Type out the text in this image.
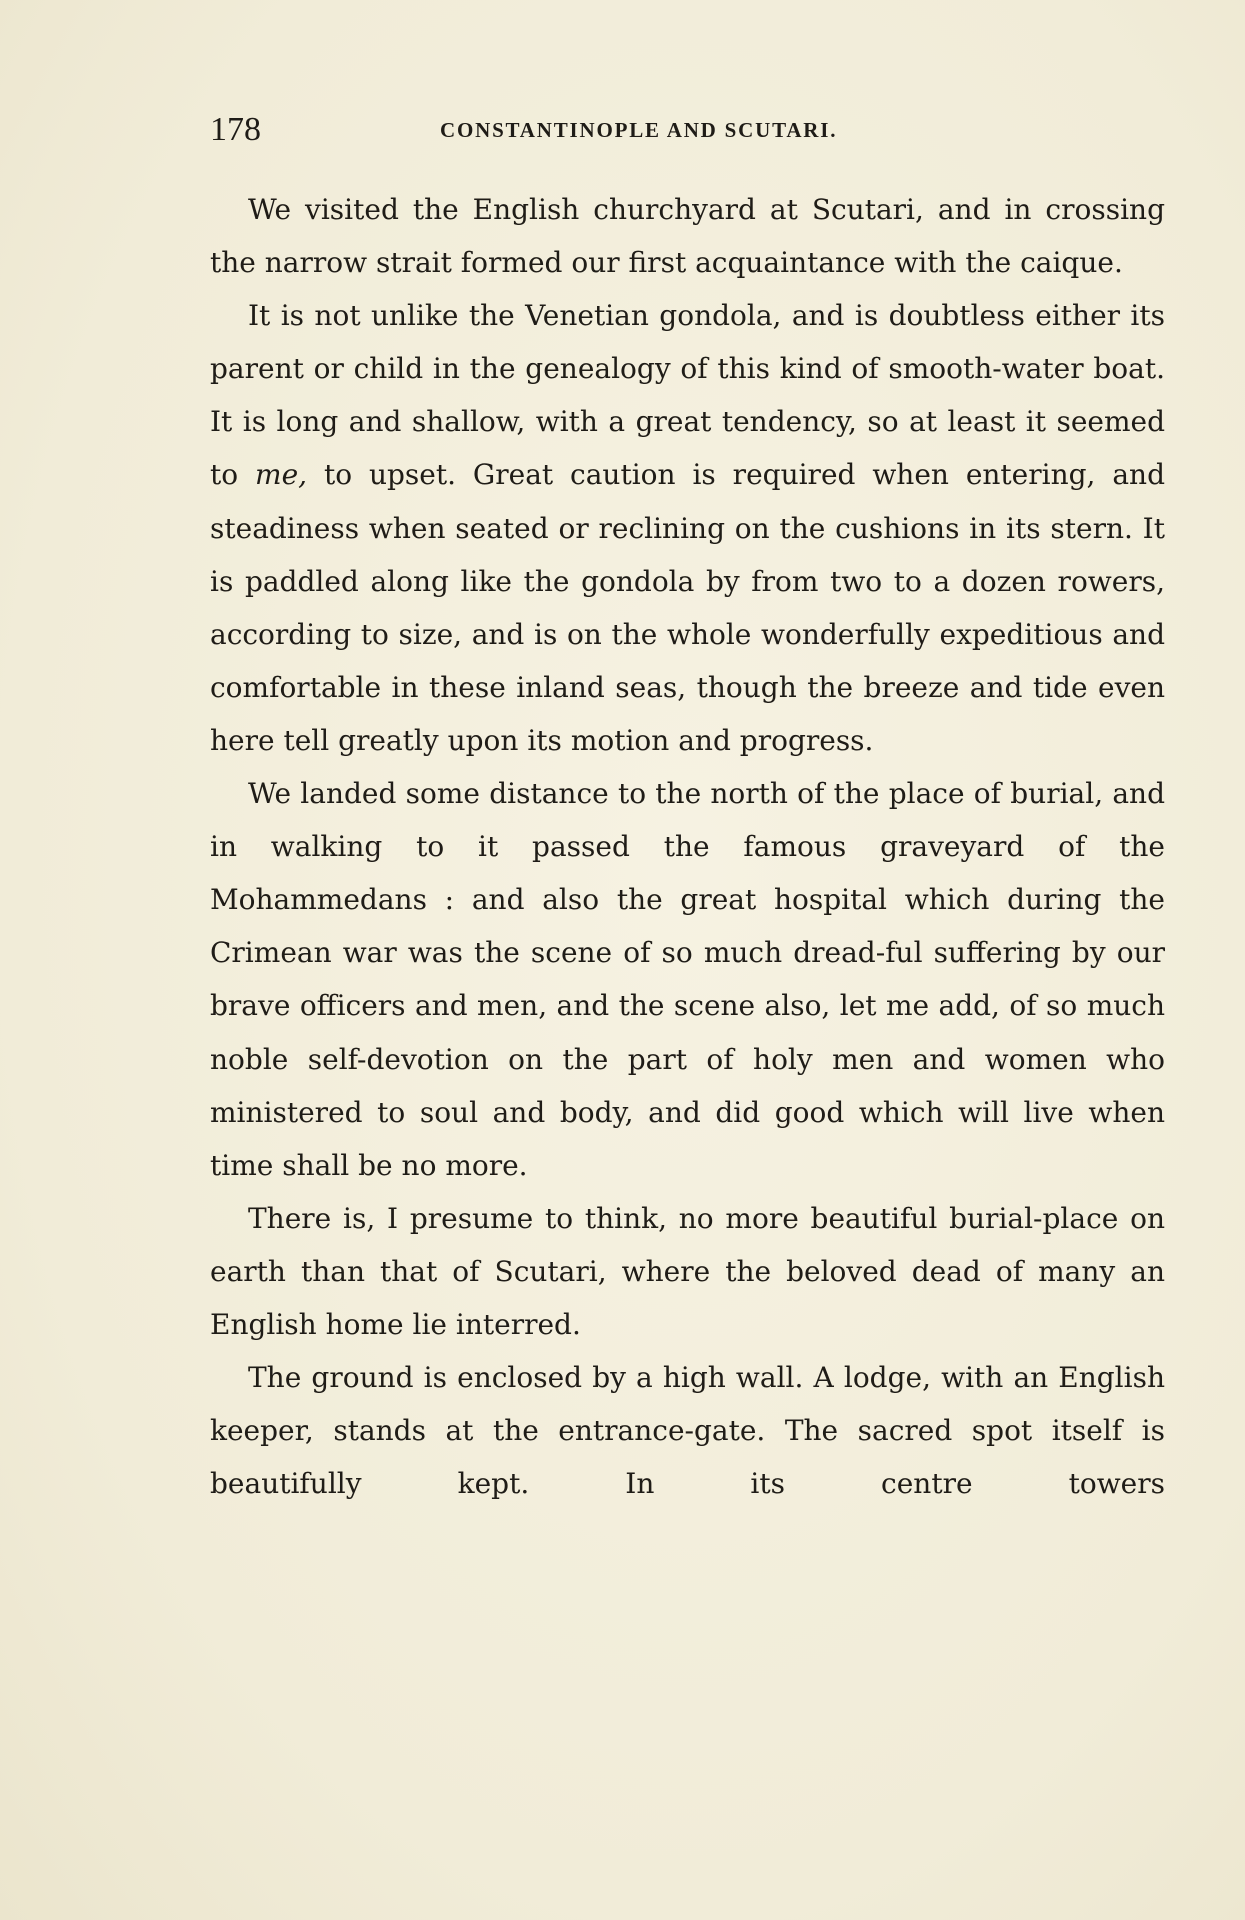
178	CONSTANTINOPLE AND SCUTARI.

We visited the English churchyard at Scutari, and in crossing the narrow strait formed our first acquaintance with the caique.

It is not unlike the Venetian gondola, and is doubtless either its parent or child in the genealogy of this kind of smooth-water boat. It is long and shallow, with a great tendency, so at least it seemed to me, to upset. Great caution is required when entering, and steadiness when seated or reclining on the cushions in its stern. It is paddled along like the gondola by from two to a dozen rowers, according to size, and is on the whole wonderfully expeditious and comfortable in these inland seas, though the breeze and tide even here tell greatly upon its motion and progress.

We landed some distance to the north of the place of burial, and in walking to it passed the famous graveyard of the Mohammedans : and also the great hospital which during the Crimean war was the scene of so much dread-ful suffering by our brave officers and men, and the scene also, let me add, of so much noble self-devotion on the part of holy men and women who ministered to soul and body, and did good which will live when time shall be no more.

There is, I presume to think, no more beautiful burial-place on earth than that of Scutari, where the beloved dead of many an English home lie interred.

The ground is enclosed by a high wall. A lodge, with an English keeper, stands at the entrance-gate. The sacred spot itself is beautifully kept. In its centre towers
